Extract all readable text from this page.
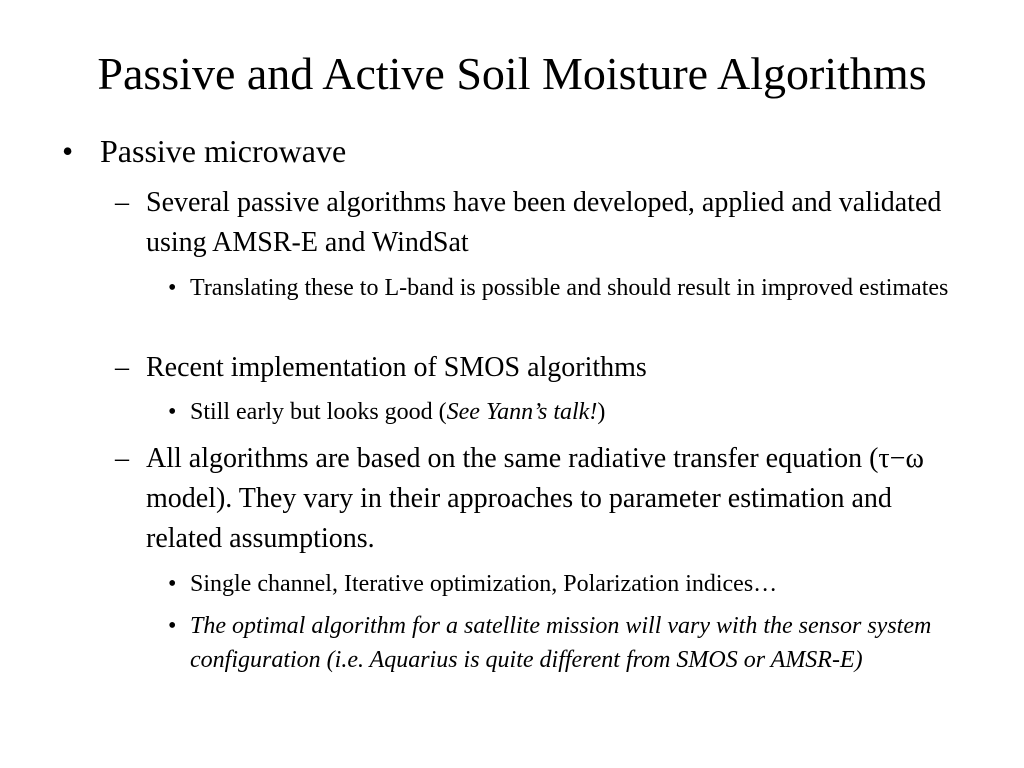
Passive and Active Soil Moisture Algorithms
• Passive microwave
– Several passive algorithms have been developed, applied and validated using AMSR-E and WindSat
• Translating these to L-band is possible and should result in improved estimates
– Recent implementation of SMOS algorithms
• Still early but looks good (See Yann’s talk!)
– All algorithms are based on the same radiative transfer equation (τ−ω model). They vary in their approaches to parameter estimation and related assumptions.
• Single channel, Iterative optimization, Polarization indices…
• The optimal algorithm for a satellite mission will vary with the sensor system configuration (i.e. Aquarius is quite different from SMOS or AMSR-E)
